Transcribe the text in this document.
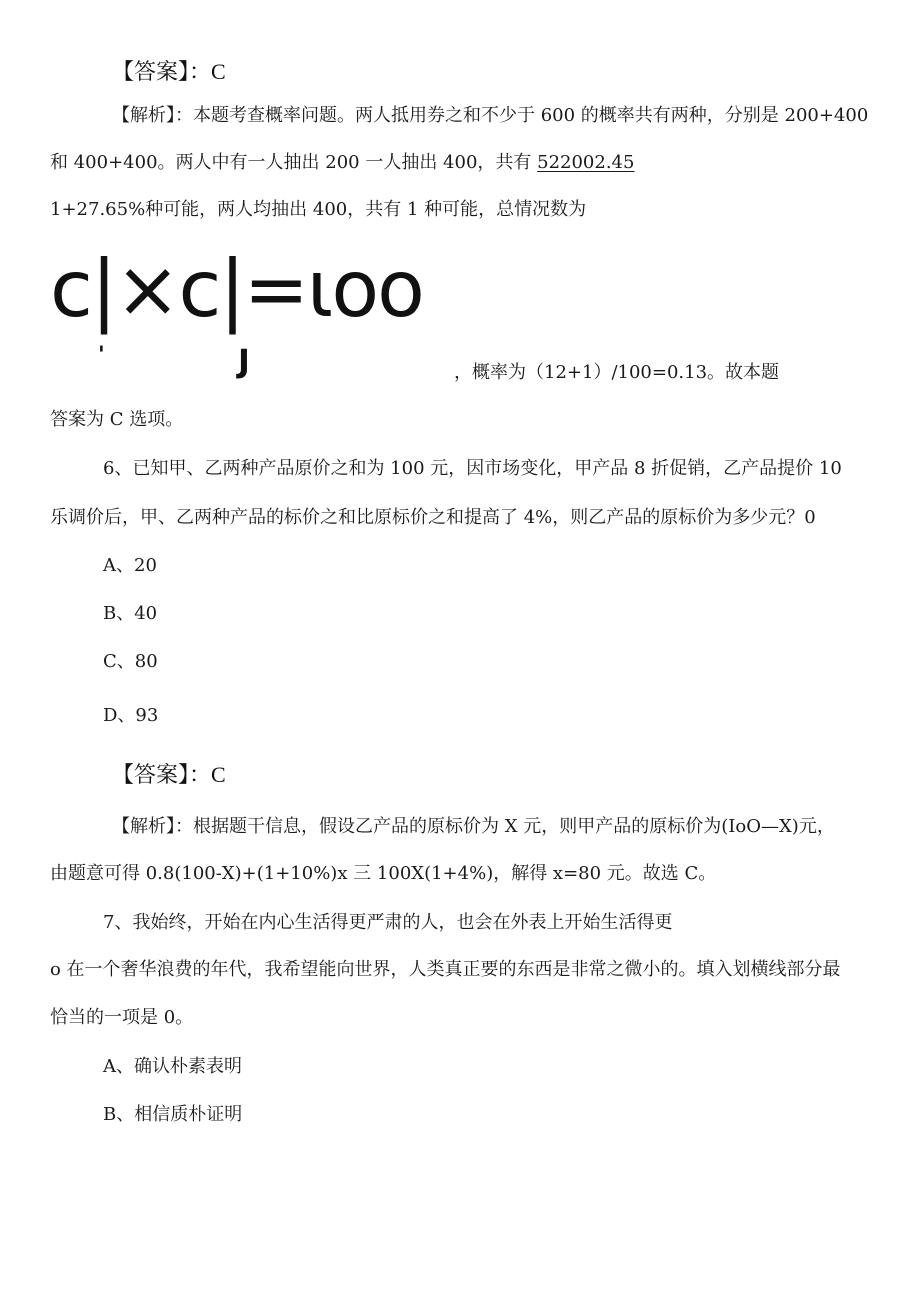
【答案】：C
【解析】：本题考查概率问题。两人抵用券之和不少于 600 的概率共有两种，分别是 200+400
和 400+400。两人中有一人抽出 200 一人抽出 400，共有 522002.45
1+27.65%种可能，两人均抽出 400，共有 1 种可能，总情况数为
c|×c|=ιoo
'	J	，概率为（12+1）/100=0.13。故本题
答案为 C 选项。
6、已知甲、乙两种产品原价之和为 100 元，因市场变化，甲产品 8 折促销，乙产品提价 10
乐调价后，甲、乙两种产品的标价之和比原标价之和提高了 4%，则乙产品的原标价为多少元？0
A、20
B、40
C、80
D、93
【答案】：C
【解析】：根据题干信息，假设乙产品的原标价为 X 元，则甲产品的原标价为(IoO—X)元，
由题意可得 0.8(100-X)+(1+10%)x 三 100X(1+4%)，解得 x=80 元。故选 C。
7、我始终，开始在内心生活得更严肃的人，也会在外表上开始生活得更
o 在一个奢华浪费的年代，我希望能向世界，人类真正要的东西是非常之微小的。填入划横线部分最
恰当的一项是 0。
A、确认朴素表明
B、相信质朴证明
